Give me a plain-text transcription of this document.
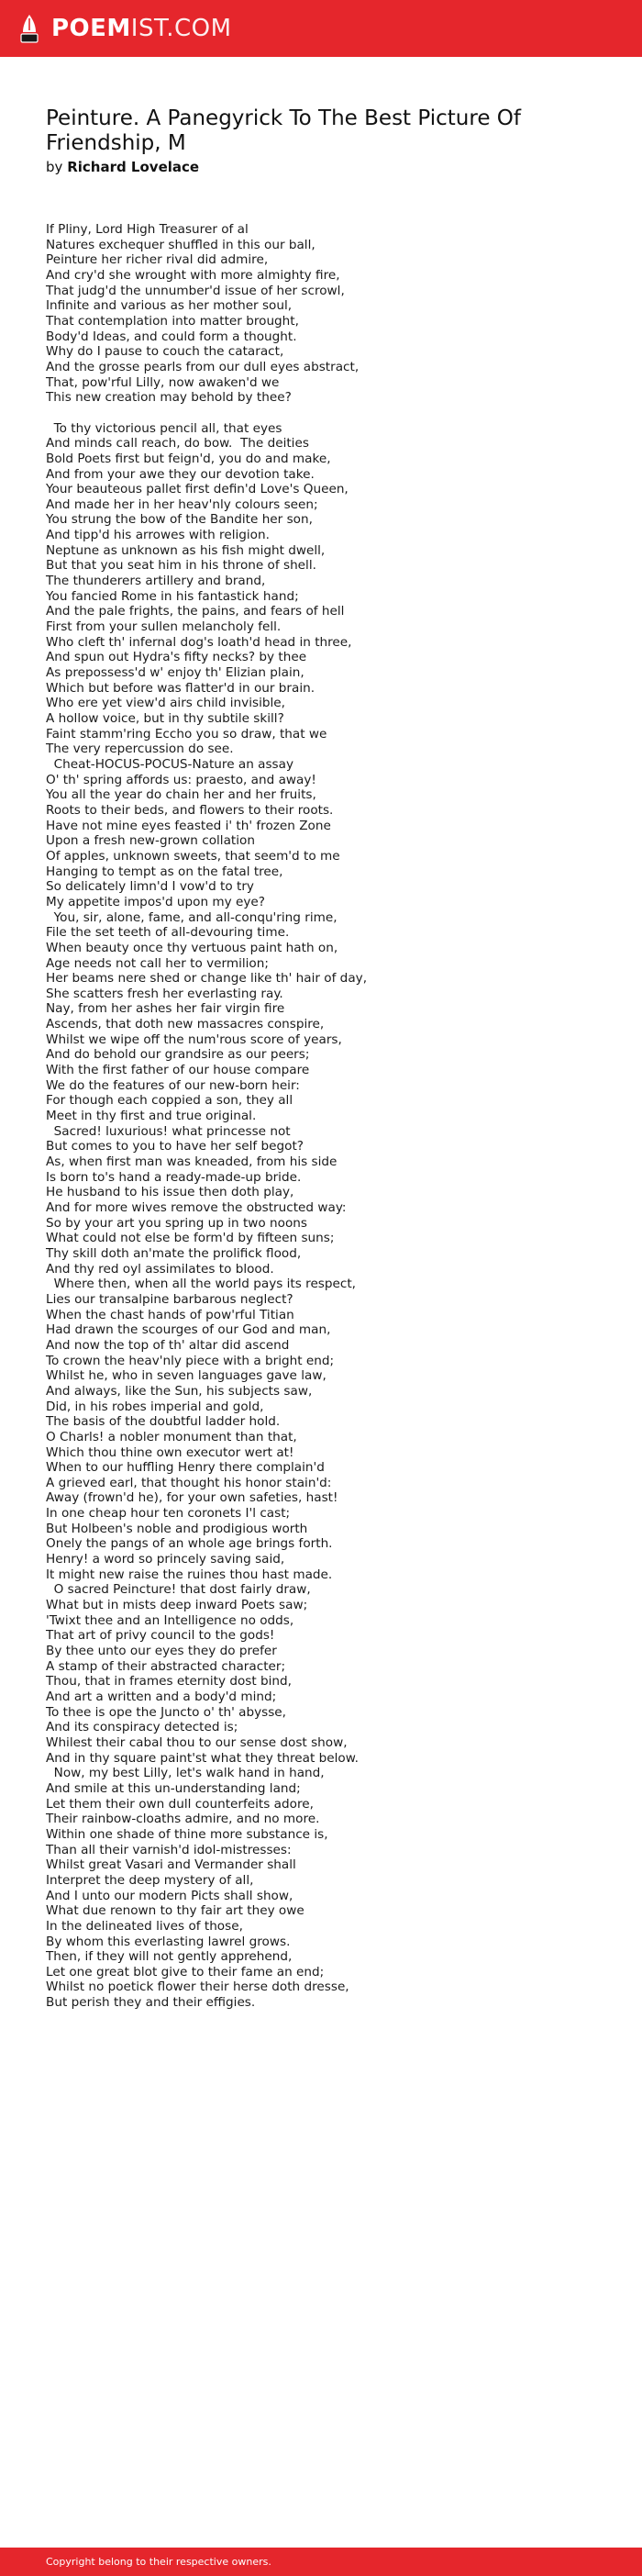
POEMIST.COM
Peinture. A Panegyrick To The Best Picture Of Friendship, M
by Richard Lovelace

If Pliny, Lord High Treasurer of al
Natures exchequer shuffled in this our ball,
Peinture her richer rival did admire,
And cry'd she wrought with more almighty fire,
That judg'd the unnumber'd issue of her scrowl,
Infinite and various as her mother soul,
That contemplation into matter brought,
Body'd Ideas, and could form a thought.
Why do I pause to couch the cataract,
And the grosse pearls from our dull eyes abstract,
That, pow'rful Lilly, now awaken'd we
This new creation may behold by thee?

To thy victorious pencil all, that eyes
And minds call reach, do bow.  The deities
Bold Poets first but feign'd, you do and make,
And from your awe they our devotion take.
Your beauteous pallet first defin'd Love's Queen,
And made her in her heav'nly colours seen;
You strung the bow of the Bandite her son,
And tipp'd his arrowes with religion.
Neptune as unknown as his fish might dwell,
But that you seat him in his throne of shell.
The thunderers artillery and brand,
You fancied Rome in his fantastick hand;
And the pale frights, the pains, and fears of hell
First from your sullen melancholy fell.
Who cleft th' infernal dog's loath'd head in three,
And spun out Hydra's fifty necks? by thee
As prepossess'd w' enjoy th' Elizian plain,
Which but before was flatter'd in our brain.
Who ere yet view'd airs child invisible,
A hollow voice, but in thy subtile skill?
Faint stamm'ring Eccho you so draw, that we
The very repercussion do see.
Cheat-HOCUS-POCUS-Nature an assay
O' th' spring affords us: praesto, and away!
You all the year do chain her and her fruits,
Roots to their beds, and flowers to their roots.
Have not mine eyes feasted i' th' frozen Zone
Upon a fresh new-grown collation
Of apples, unknown sweets, that seem'd to me
Hanging to tempt as on the fatal tree,
So delicately limn'd I vow'd to try
My appetite impos'd upon my eye?
You, sir, alone, fame, and all-conqu'ring rime,
File the set teeth of all-devouring time.
When beauty once thy vertuous paint hath on,
Age needs not call her to vermilion;
Her beams nere shed or change like th' hair of day,
She scatters fresh her everlasting ray.
Nay, from her ashes her fair virgin fire
Ascends, that doth new massacres conspire,
Whilst we wipe off the num'rous score of years,
And do behold our grandsire as our peers;
With the first father of our house compare
We do the features of our new-born heir:
For though each coppied a son, they all
Meet in thy first and true original.
Sacred! luxurious! what princesse not
But comes to you to have her self begot?
As, when first man was kneaded, from his side
Is born to's hand a ready-made-up bride.
He husband to his issue then doth play,
And for more wives remove the obstructed way:
So by your art you spring up in two noons
What could not else be form'd by fifteen suns;
Thy skill doth an'mate the prolifick flood,
And thy red oyl assimilates to blood.
Where then, when all the world pays its respect,
Lies our transalpine barbarous neglect?
When the chast hands of pow'rful Titian
Had drawn the scourges of our God and man,
And now the top of th' altar did ascend
To crown the heav'nly piece with a bright end;
Whilst he, who in seven languages gave law,
And always, like the Sun, his subjects saw,
Did, in his robes imperial and gold,
The basis of the doubtful ladder hold.
O Charls! a nobler monument than that,
Which thou thine own executor wert at!
When to our huffling Henry there complain'd
A grieved earl, that thought his honor stain'd:
Away (frown'd he), for your own safeties, hast!
In one cheap hour ten coronets I'l cast;
But Holbeen's noble and prodigious worth
Onely the pangs of an whole age brings forth.
Henry! a word so princely saving said,
It might new raise the ruines thou hast made.
O sacred Peincture! that dost fairly draw,
What but in mists deep inward Poets saw;
'Twixt thee and an Intelligence no odds,
That art of privy council to the gods!
By thee unto our eyes they do prefer
A stamp of their abstracted character;
Thou, that in frames eternity dost bind,
And art a written and a body'd mind;
To thee is ope the Juncto o' th' abysse,
And its conspiracy detected is;
Whilest their cabal thou to our sense dost show,
And in thy square paint'st what they threat below.
Now, my best Lilly, let's walk hand in hand,
And smile at this un-understanding land;
Let them their own dull counterfeits adore,
Their rainbow-cloaths admire, and no more.
Within one shade of thine more substance is,
Than all their varnish'd idol-mistresses:
Whilst great Vasari and Vermander shall
Interpret the deep mystery of all,
And I unto our modern Picts shall show,
What due renown to thy fair art they owe
In the delineated lives of those,
By whom this everlasting lawrel grows.
Then, if they will not gently apprehend,
Let one great blot give to their fame an end;
Whilst no poetick flower their herse doth dresse,
But perish they and their effigies.

Copyright belong to their respective owners.
